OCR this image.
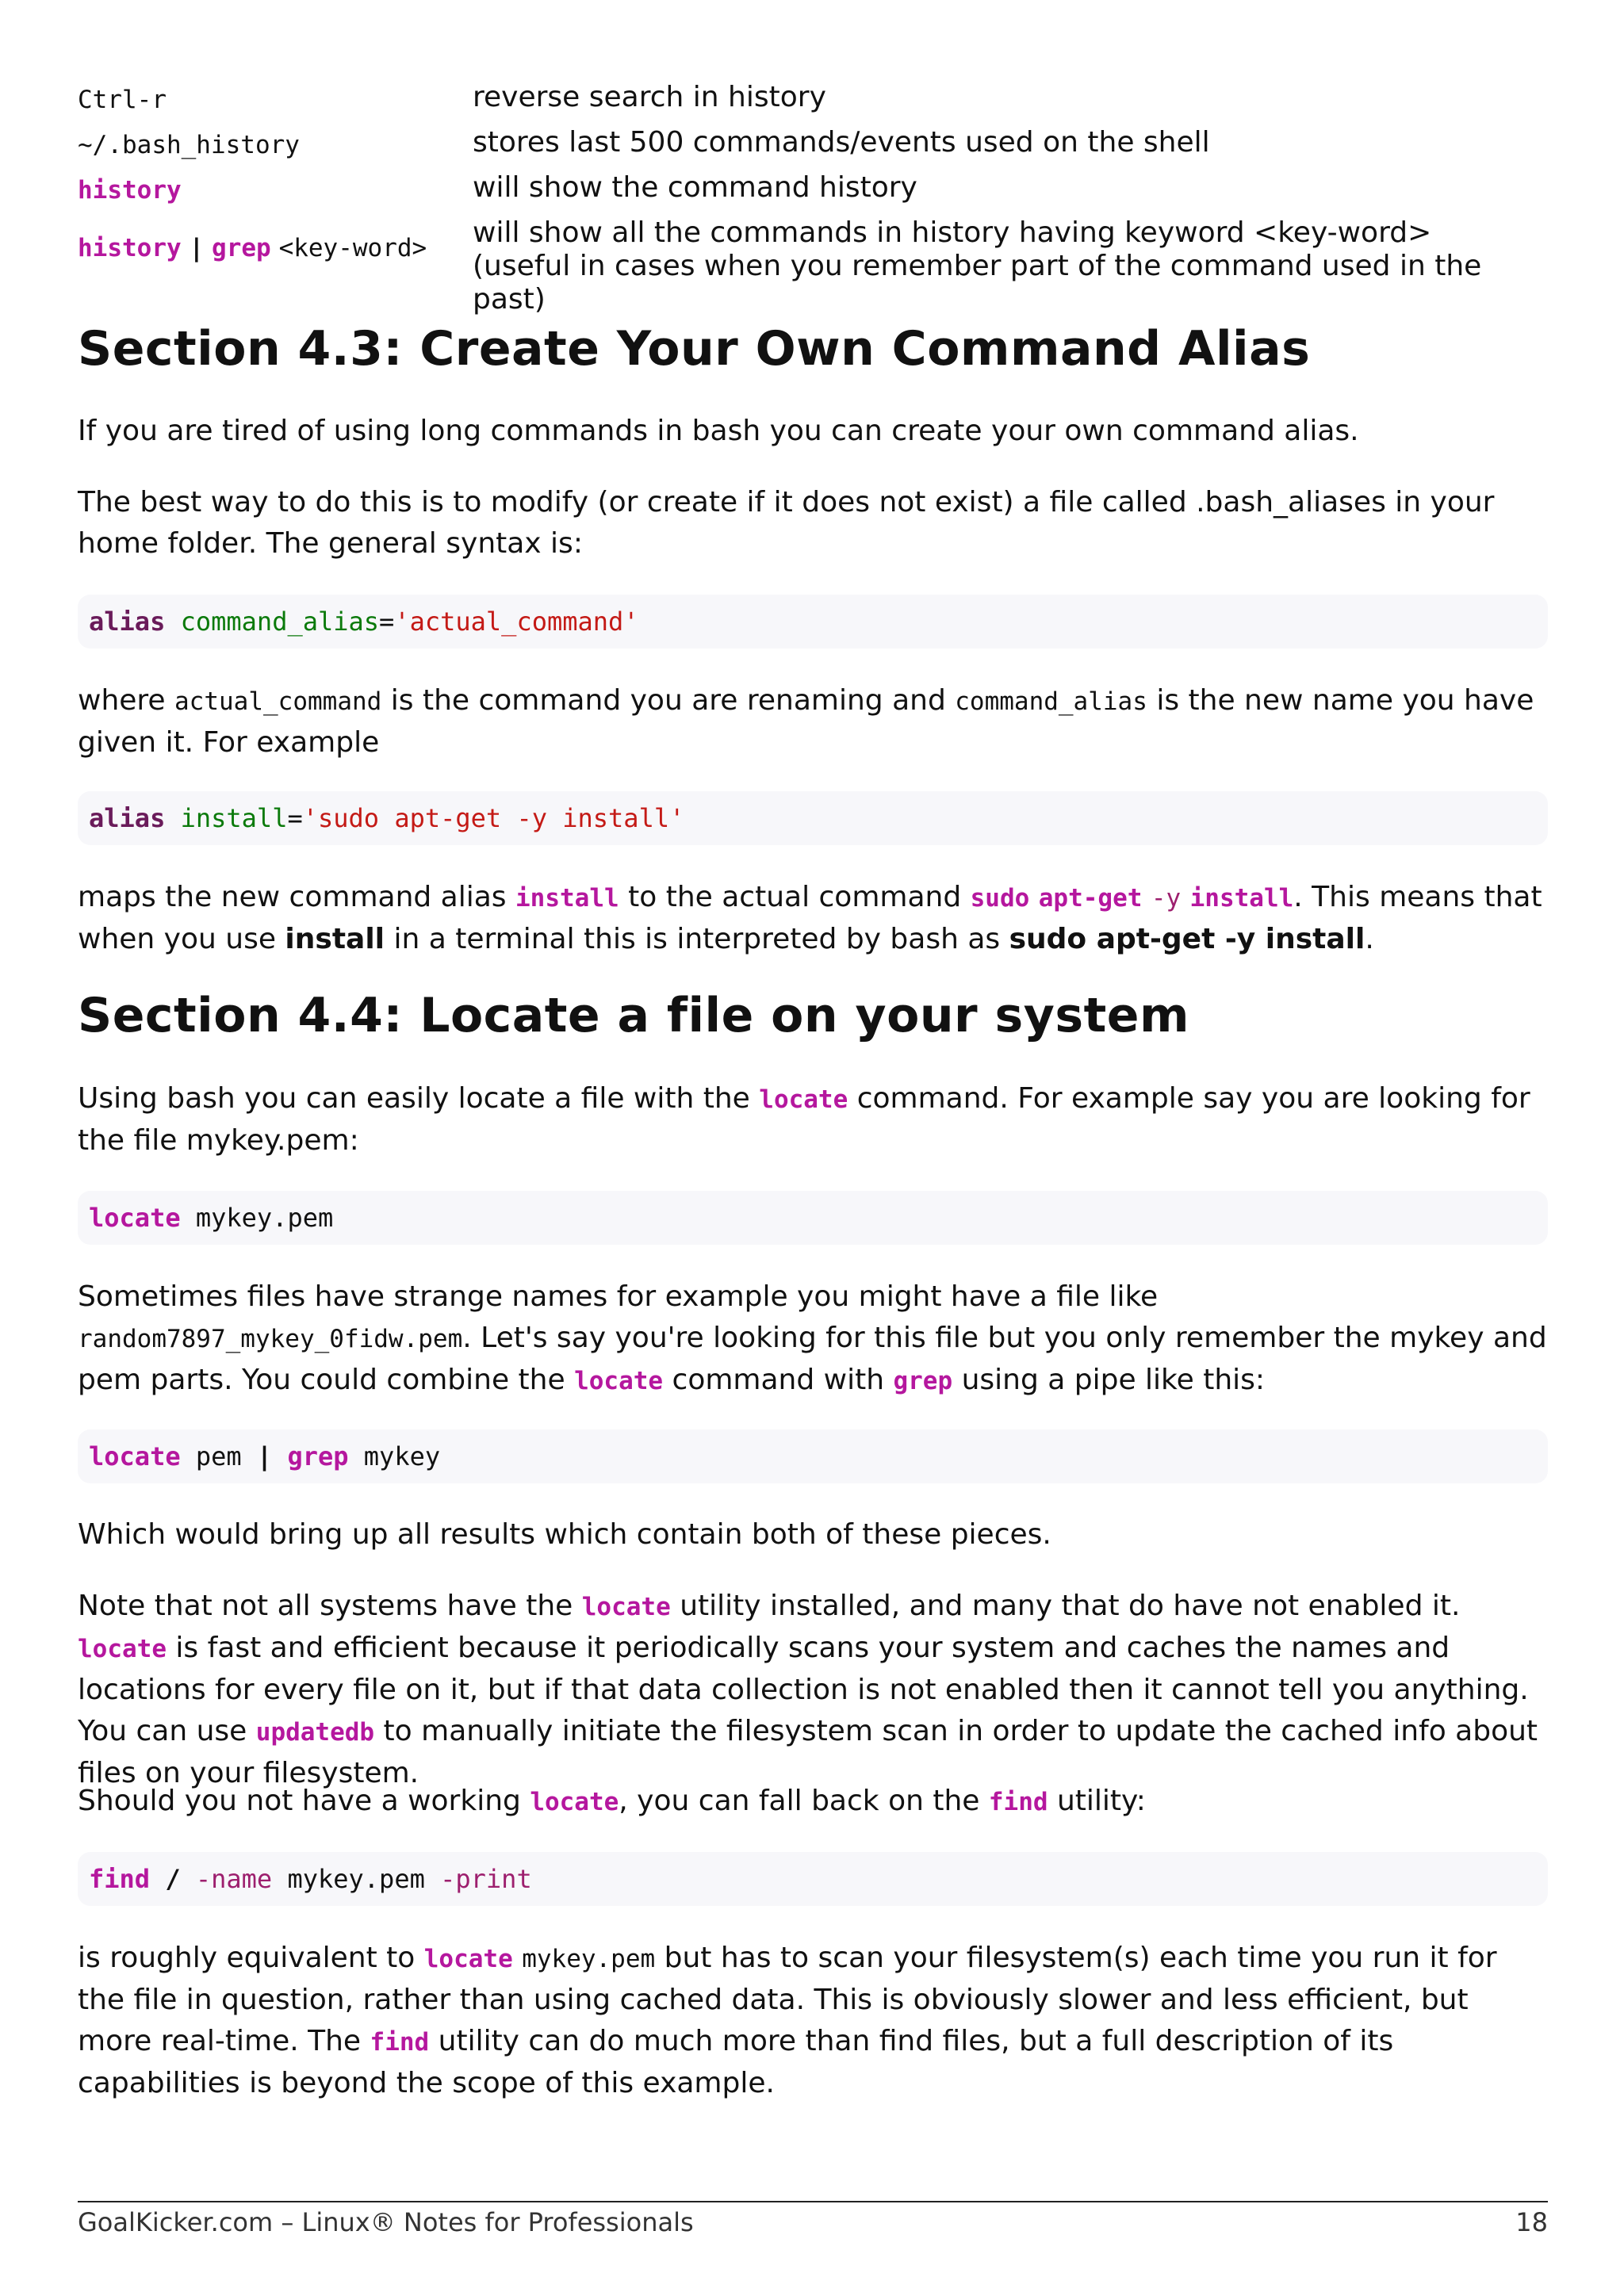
Ctrl-r	reverse search in history
~/.bash_history	stores last 500 commands/events used on the shell
history	will show the command history
history | grep <key-word>	will show all the commands in history having keyword <key-word> (useful in cases when you remember part of the command used in the past)
Section 4.3: Create Your Own Command Alias

If you are tired of using long commands in bash you can create your own command alias.

The best way to do this is to modify (or create if it does not exist) a file called .bash_aliases in your home folder. The general syntax is:

alias command_alias='actual_command'

where actual_command is the command you are renaming and command_alias is the new name you have given it. For example

alias install='sudo apt-get -y install'

maps the new command alias install to the actual command sudo apt-get -y install. This means that when you use install in a terminal this is interpreted by bash as sudo apt-get -y install.

Section 4.4: Locate a file on your system

Using bash you can easily locate a file with the locate command. For example say you are looking for the file mykey.pem:

locate mykey.pem

Sometimes files have strange names for example you might have a file like random7897_mykey_0fidw.pem. Let's say you're looking for this file but you only remember the mykey and pem parts. You could combine the locate command with grep using a pipe like this:

locate pem | grep mykey

Which would bring up all results which contain both of these pieces.

Note that not all systems have the locate utility installed, and many that do have not enabled it. locate is fast and efficient because it periodically scans your system and caches the names and locations for every file on it, but if that data collection is not enabled then it cannot tell you anything. You can use updatedb to manually initiate the filesystem scan in order to update the cached info about files on your filesystem.

Should you not have a working locate, you can fall back on the find utility:

find / -name mykey.pem -print

is roughly equivalent to locate mykey.pem but has to scan your filesystem(s) each time you run it for the file in question, rather than using cached data. This is obviously slower and less efficient, but more real-time. The find utility can do much more than find files, but a full description of its capabilities is beyond the scope of this example.

GoalKicker.com – Linux® Notes for Professionals	18
